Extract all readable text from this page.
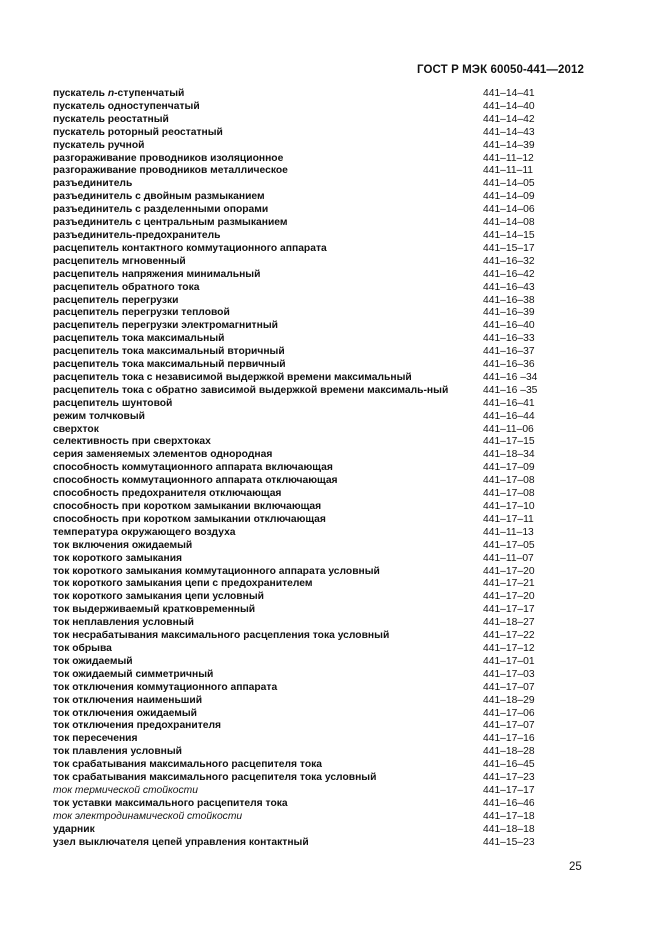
ГОСТ Р МЭК 60050-441—2012
пускатель n-ступенчатый	441–14–41
пускатель одноступенчатый	441–14–40
пускатель реостатный	441–14–42
пускатель роторный реостатный	441–14–43
пускатель ручной	441–14–39
разгораживание проводников изоляционное	441–11–12
разгораживание проводников металлическое	441–11–11
разъединитель	441–14–05
разъединитель с двойным размыканием	441–14–09
разъединитель с разделенными опорами	441–14–06
разъединитель с центральным размыканием	441–14–08
разъединитель-предохранитель	441–14–15
расцепитель контактного коммутационного аппарата	441–15–17
расцепитель мгновенный	441–16–32
расцепитель напряжения минимальный	441–16–42
расцепитель обратного тока	441–16–43
расцепитель перегрузки	441–16–38
расцепитель перегрузки тепловой	441–16–39
расцепитель перегрузки электромагнитный	441–16–40
расцепитель тока максимальный	441–16–33
расцепитель тока максимальный вторичный	441–16–37
расцепитель тока максимальный первичный	441–16–36
расцепитель тока с независимой выдержкой времени максимальный	441–16 –34
расцепитель тока с обратно зависимой выдержкой времени максималь-ный	441–16 –35
расцепитель шунтовой	441–16–41
режим толчковый	441–16–44
сверхток	441–11–06
селективность при сверхтоках	441–17–15
серия заменяемых элементов однородная	441–18–34
способность коммутационного аппарата включающая	441–17–09
способность коммутационного аппарата отключающая	441–17–08
способность предохранителя отключающая	441–17–08
способность при коротком замыкании включающая	441–17–10
способность при коротком замыкании отключающая	441–17–11
температура окружающего воздуха	441–11–13
ток включения ожидаемый	441–17–05
ток короткого замыкания	441–11–07
ток короткого замыкания коммутационного аппарата условный	441–17–20
ток короткого замыкания цепи с предохранителем	441–17–21
ток короткого замыкания цепи условный	441–17–20
ток выдерживаемый кратковременный	441–17–17
ток неплавления условный	441–18–27
ток несрабатывания максимального расцепления тока условный	441–17–22
ток обрыва	441–17–12
ток ожидаемый	441–17–01
ток ожидаемый симметричный	441–17–03
ток отключения коммутационного аппарата	441–17–07
ток отключения наименьший	441–18–29
ток отключения ожидаемый	441–17–06
ток отключения предохранителя	441–17–07
ток пересечения	441–17–16
ток плавления условный	441–18–28
ток срабатывания максимального расцепителя тока	441–16–45
ток срабатывания максимального расцепителя тока условный	441–17–23
ток термической стойкости	441–17–17
ток уставки максимального расцепителя тока	441–16–46
ток электродинамической стойкости	441–17–18
ударник	441–18–18
узел выключателя цепей управления контактный	441–15–23
25
